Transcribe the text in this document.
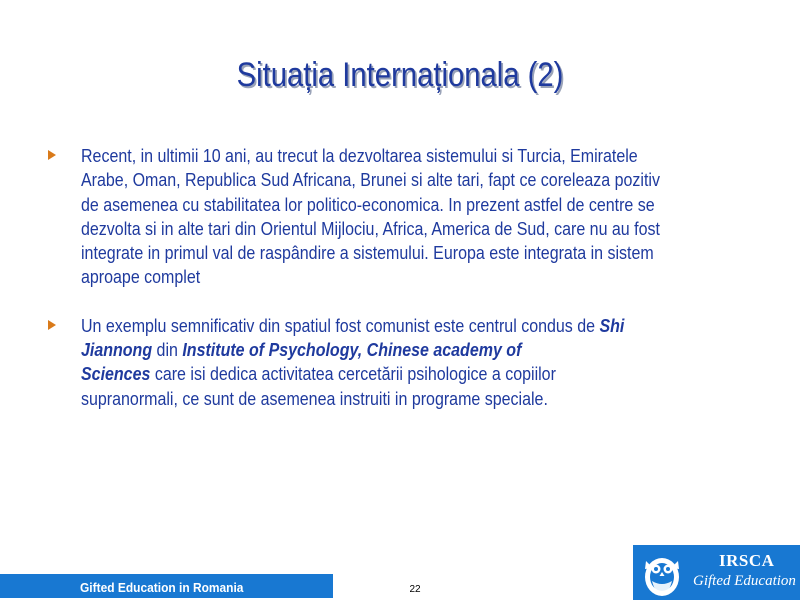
Situația Internaționala (2)
Recent, in ultimii 10 ani, au trecut la dezvoltarea sistemului si Turcia, Emiratele
Arabe, Oman, Republica Sud Africana, Brunei si alte tari, fapt ce coreleaza pozitiv
de asemenea cu stabilitatea lor politico-economica. In prezent astfel de centre se
dezvolta si in alte tari din Orientul Mijlociu, Africa, America de Sud, care nu au fost
integrate in primul val de raspândire a sistemului. Europa este integrata in sistem
aproape complet
Un exemplu semnificativ din spatiul fost comunist este centrul condus de Shi
Jiannong din Institute of Psychology, Chinese academy of
Sciences care isi dedica activitatea cercetării psihologice a copiilor
supranormali, ce sunt de asemenea instruiti in programe speciale.
Gifted Education in Romania	22
IRSCA
Gifted Education
